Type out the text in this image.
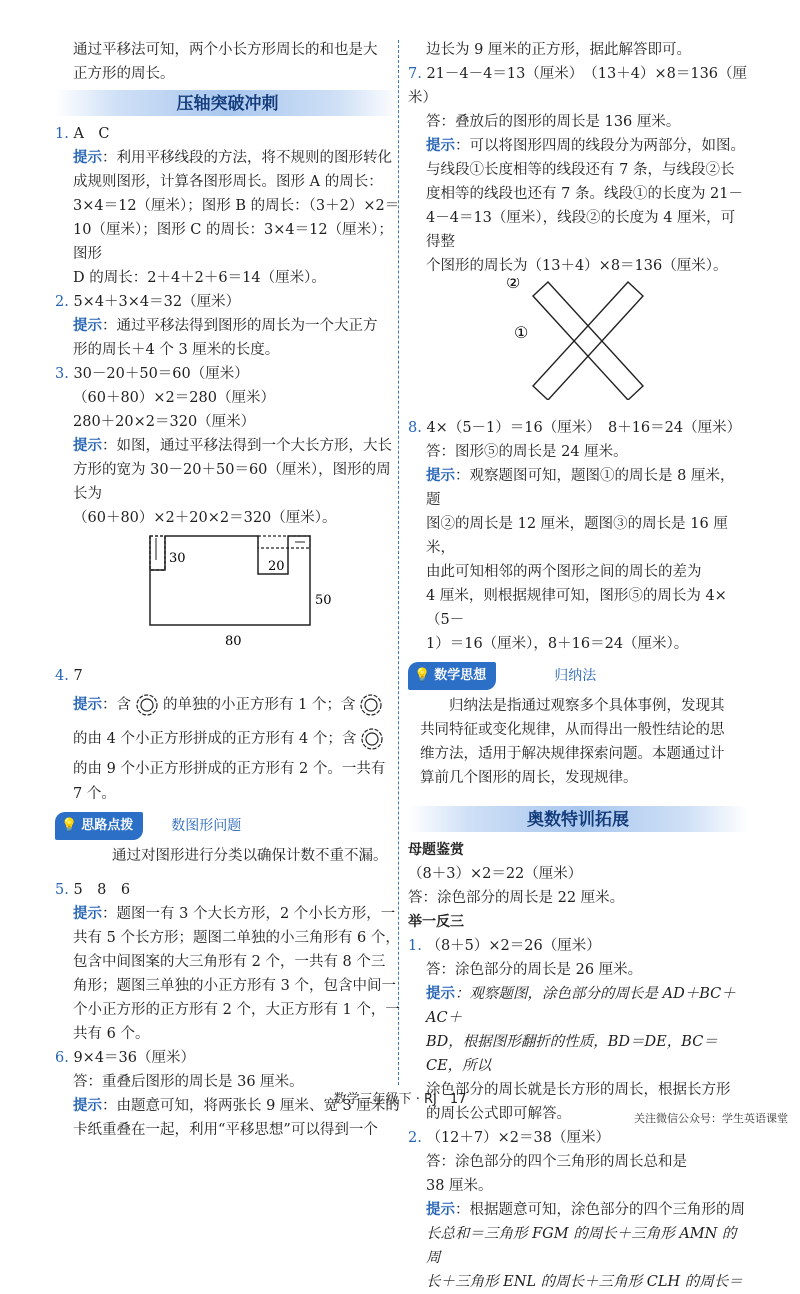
通过平移法可知，两个小长方形周长的和也是大

正方形的周长。

压轴突破冲刺

1. A　C

提示：利用平移线段的方法，将不规则的图形转化
成规则图形，计算各图形周长。图形 A 的周长：
3×4＝12（厘米）；图形 B 的周长：（3＋2）×2＝
10（厘米）；图形 C 的周长：3×4＝12（厘米）；图形
D 的周长：2＋4＋2＋6＝14（厘米）。

2. 5×4＋3×4＝32（厘米）

提示：通过平移法得到图形的周长为一个大正方
形的周长＋4 个 3 厘米的长度。

3. 30－20＋50＝60（厘米）

（60＋80）×2＝280（厘米）
280＋20×2＝320（厘米）
提示：如图，通过平移法得到一个大长方形，大长
方形的宽为 30－20＋50＝60（厘米），图形的周长为
（60＋80）×2＋20×2＝320（厘米）。
30
20
50
80

4. 7

提示：含 的单独的小正方形有 1 个；含
的由 4 个小正方形拼成的正方形有 4 个；含
的由 9 个小正方形拼成的正方形有 2 个。一共有
7 个。
💡 思路点拨	数图形问题

通过对图形进行分类以确保计数不重不漏。

5. 5　8　6

提示：题图一有 3 个大长方形，2 个小长方形，一
共有 5 个长方形；题图二单独的小三角形有 6 个，
包含中间图案的大三角形有 2 个，一共有 8 个三
角形；题图三单独的小正方形有 3 个，包含中间一
个小正方形的正方形有 2 个，大正方形有 1 个，一
共有 6 个。

6. 9×4＝36（厘米）

答：重叠后图形的周长是 36 厘米。
提示：由题意可知，将两张长 9 厘米、宽 3 厘米的
卡纸重叠在一起，利用“平移思想”可以得到一个

边长为 9 厘米的正方形，据此解答即可。

7. 21－4－4＝13（厘米）　（13＋4）×8＝136（厘米）

答：叠放后的图形的周长是 136 厘米。
提示：可以将图形四周的线段分为两部分，如图。
与线段①长度相等的线段还有 7 条，与线段②长
度相等的线段也还有 7 条。线段①的长度为 21－
4－4＝13（厘米），线段②的长度为 4 厘米，可得整
个图形的周长为（13＋4）×8＝136（厘米）。
②
①

8. 4×（5－1）＝16（厘米）　8＋16＝24（厘米）

答：图形⑤的周长是 24 厘米。
提示：观察题图可知，题图①的周长是 8 厘米，题
图②的周长是 12 厘米，题图③的周长是 16 厘米，
由此可知相邻的两个图形之间的周长的差为
4 厘米，则根据规律可知，图形⑤的周长为 4×（5－
1）＝16（厘米），8＋16＝24（厘米）。
💡 数学思想	归纳法
归纳法是指通过观察多个具体事例，发现其
共同特征或变化规律，从而得出一般性结论的思
维方法，适用于解决规律探索问题。本题通过计
算前几个图形的周长，发现规律。
奥数特训拓展
母题鉴赏
（8＋3）×2＝22（厘米）
答：涂色部分的周长是 22 厘米。
举一反三

1. （8＋5）×2＝26（厘米）

答：涂色部分的周长是 26 厘米。
提示：观察题图，涂色部分的周长是 AD＋BC＋AC＋
BD，根据图形翻折的性质，BD＝DE，BC＝CE，所以
涂色部分的周长就是长方形的周长，根据长方形
的周长公式即可解答。

2. （12＋7）×2＝38（厘米）

答：涂色部分的四个三角形的周长总和是
38 厘米。
提示：根据题意可知，涂色部分的四个三角形的周
长总和＝三角形 FGM 的周长＋三角形 AMN 的周
长＋三角形 ENL 的周长＋三角形 CLH 的周长＝
数学三年级下 · RJ　17
关注微信公众号：学生英语课堂
